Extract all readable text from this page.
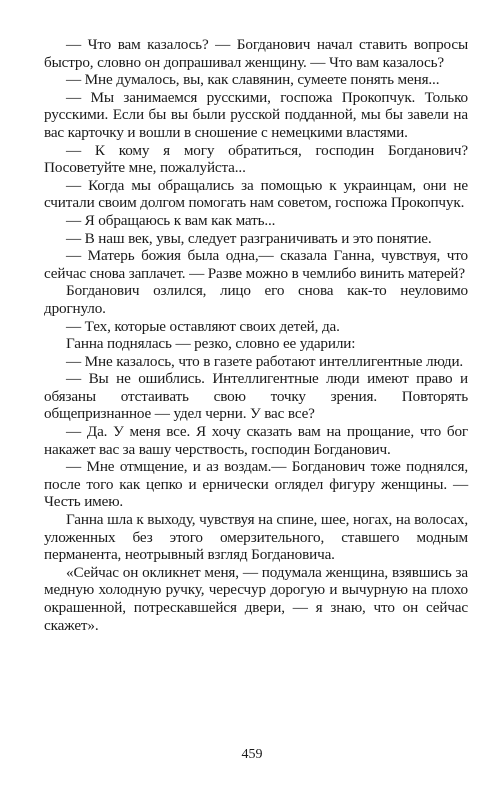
— Что вам казалось? — Богданович начал ставить вопросы быстро, словно он допрашивал женщину. — Что вам казалось?

— Мне думалось, вы, как славянин, сумеете понять меня...

— Мы занимаемся русскими, госпожа Прокопчук. Только русскими. Если бы вы были русской подданной, мы бы завели на вас карточку и вошли в сношение с немецкими властями.

— К кому я могу обратиться, господин Богданович? Посоветуйте мне, пожалуйста...

— Когда мы обращались за помощью к украинцам, они не считали своим долгом помогать нам советом, госпожа Прокопчук.

— Я обращаюсь к вам как мать...

— В наш век, увы, следует разграничивать и это понятие.

— Матерь божия была одна,— сказала Ганна, чувствуя, что сейчас снова заплачет. — Разве можно в чемлибо винить матерей?

Богданович озлился, лицо его снова как-то неуловимо дрогнуло.

— Тех, которые оставляют своих детей, да.

Ганна поднялась — резко, словно ее ударили:

— Мне казалось, что в газете работают интеллигентные люди.

— Вы не ошиблись. Интеллигентные люди имеют право и обязаны отстаивать свою точку зрения. Повторять общепризнанное — удел черни. У вас все?

— Да. У меня все. Я хочу сказать вам на прощание, что бог накажет вас за вашу черствость, господин Богданович.

— Мне отмщение, и аз воздам.— Богданович тоже поднялся, после того как цепко и ернически оглядел фигуру женщины. — Честь имею.

Ганна шла к выходу, чувствуя на спине, шее, ногах, на волосах, уложенных без этого омерзительного, ставшего модным перманента, неотрывный взгляд Богдановича.

«Сейчас он окликнет меня, — подумала женщина, взявшись за медную холодную ручку, чересчур дорогую и вычурную на плохо окрашенной, потрескавшейся двери, — я знаю, что он сейчас скажет».

459
